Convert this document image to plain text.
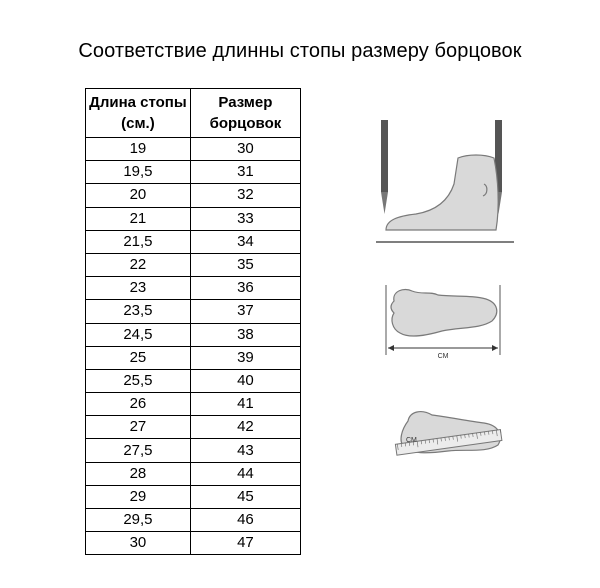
Соответствие длинны стопы размеру борцовок
Длина стопы (см.)	Размер борцовок
19	30
19,5	31
20	32
21	33
21,5	34
22	35
23	36
23,5	37
24,5	38
25	39
25,5	40
26	41
27	42
27,5	43
28	44
29	45
29,5	46
30	47
СМ
CM
